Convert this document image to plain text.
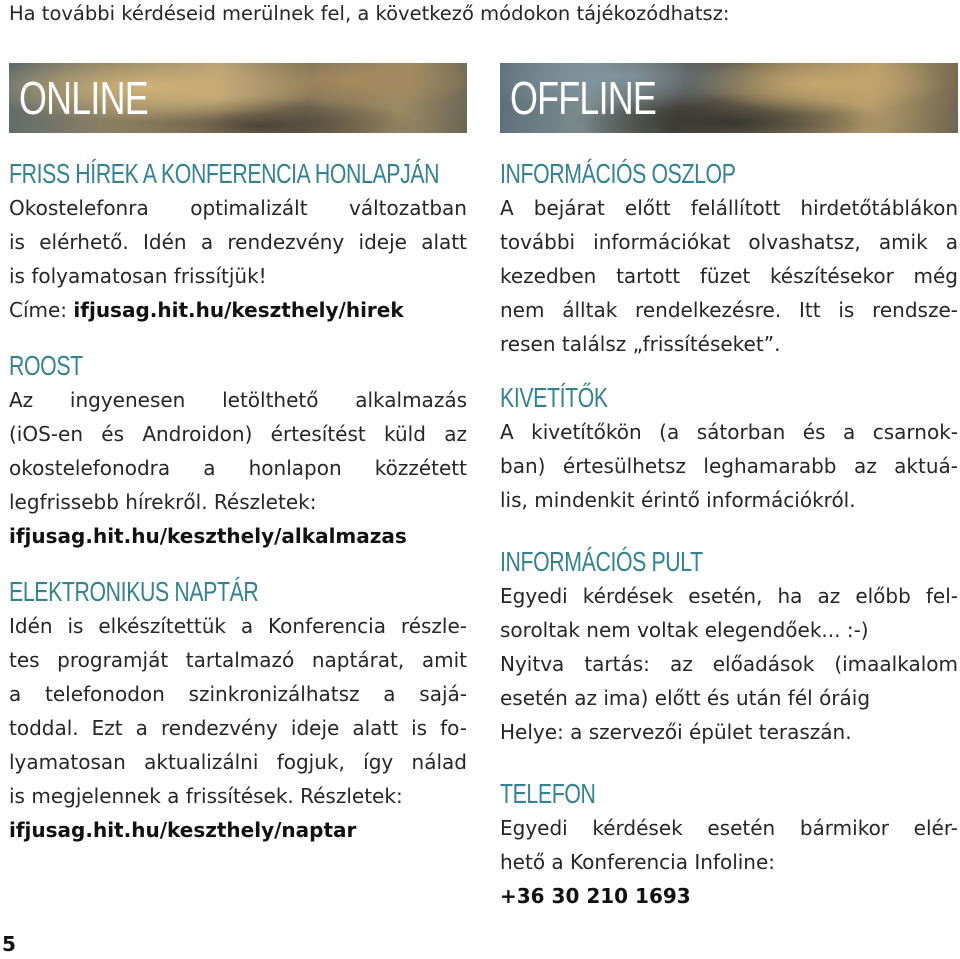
Ha további kérdéseid merülnek fel, a következő módokon tájékozódhatsz:

ONLINE
FRISS HÍREK A KONFERENCIA HONLAPJÁN
Okostelefonra optimalizált változatban
is elérhető. Idén a rendezvény ideje alatt
is folyamatosan frissítjük!
Címe: ifjusag.hit.hu/keszthely/hirek
ROOST
Az ingyenesen letölthető alkalmazás
(iOS-en és Androidon) értesítést küld az
okostelefonodra a honlapon közzétett
legfrissebb hírekről. Részletek:
ifjusag.hit.hu/keszthely/alkalmazas
ELEKTRONIKUS NAPTÁR
Idén is elkészítettük a Konferencia részle-
tes programját tartalmazó naptárat, amit
a telefonodon szinkronizálhatsz a sajá-
toddal. Ezt a rendezvény ideje alatt is fo-
lyamatosan aktualizálni fogjuk, így nálad
is megjelennek a frissítések. Részletek:
ifjusag.hit.hu/keszthely/naptar
OFFLINE
INFORMÁCIÓS OSZLOP
A bejárat előtt felállított hirdetőtáblákon
további információkat olvashatsz, amik a
kezedben tartott füzet készítésekor még
nem álltak rendelkezésre. Itt is rendsze-
resen találsz „frissítéseket”.
KIVETÍTŐK
A kivetítőkön (a sátorban és a csarnok-
ban) értesülhetsz leghamarabb az aktuá-
lis, mindenkit érintő információkról.
INFORMÁCIÓS PULT
Egyedi kérdések esetén, ha az előbb fel-
soroltak nem voltak elegendőek... :-)
Nyitva tartás: az előadások (imaalkalom
esetén az ima) előtt és után fél óráig
Helye: a szervezői épület teraszán.
TELEFON
Egyedi kérdések esetén bármikor elér-
hető a Konferencia Infoline:
+36 30 210 1693
5
